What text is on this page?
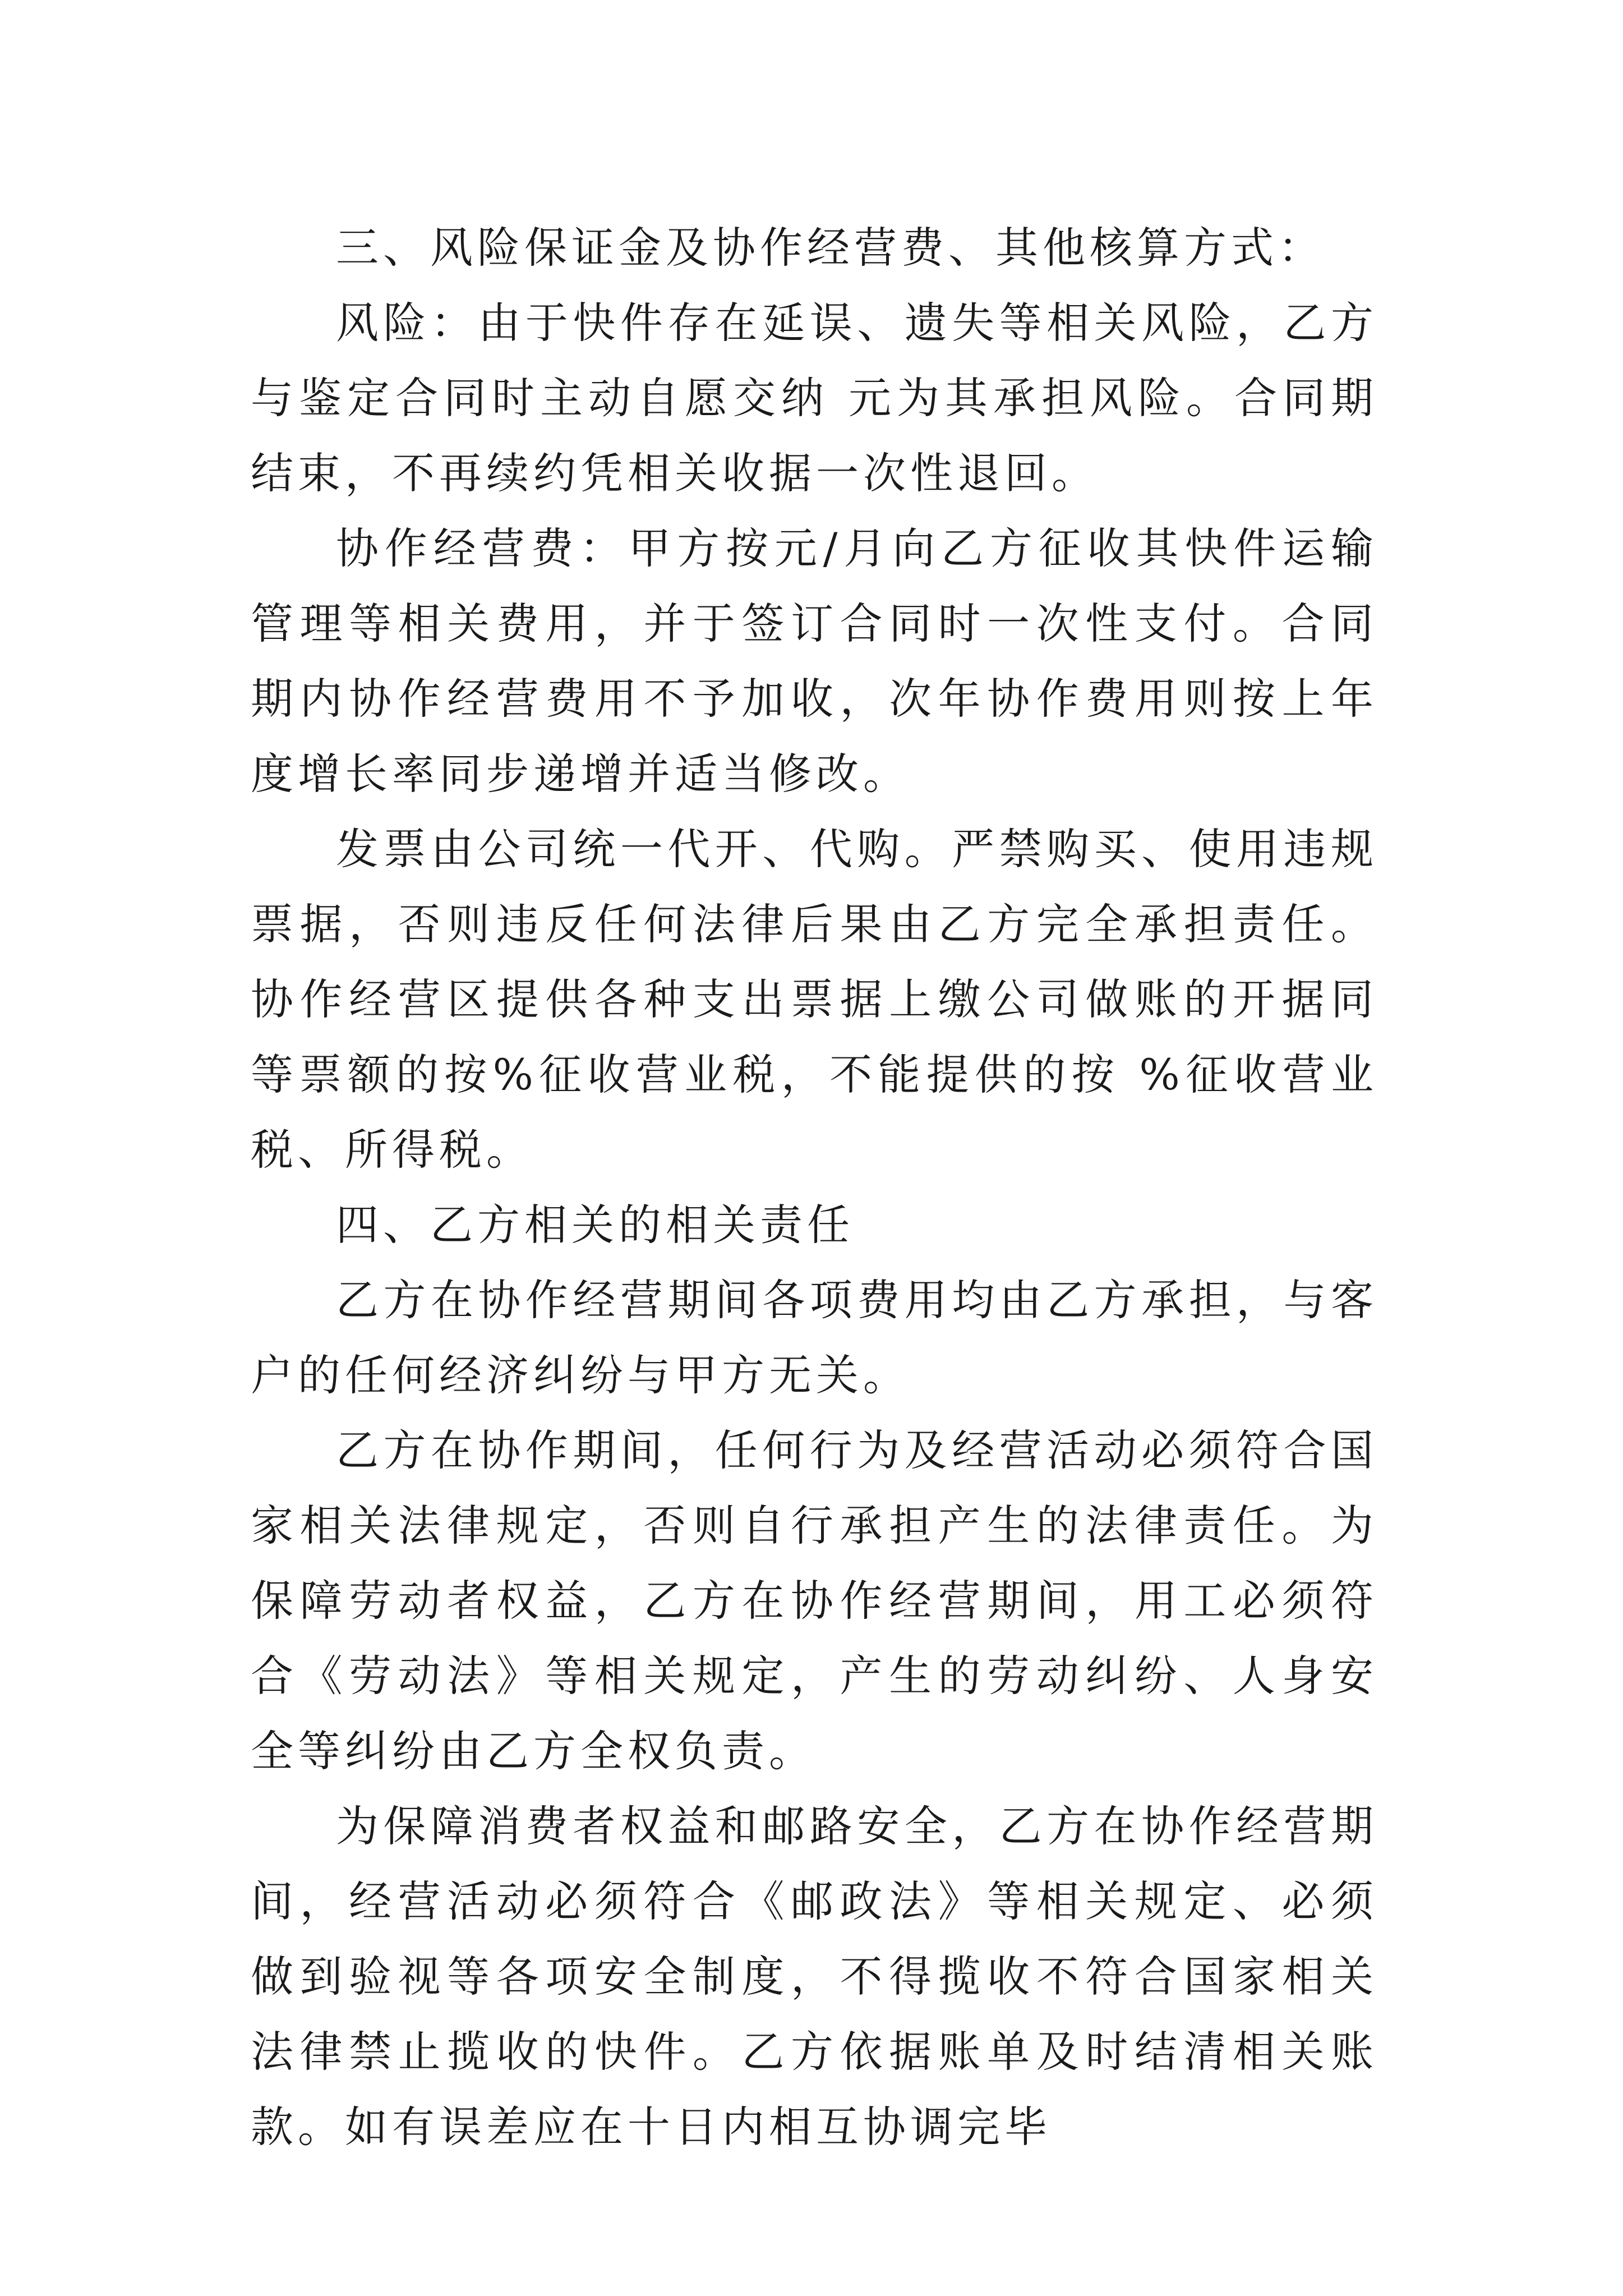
三、风险保证金及协作经营费、其他核算方式：

风险：由于快件存在延误、遗失等相关风险，乙方与鉴定合同时主动自愿交纳 元为其承担风险。合同期结束，不再续约凭相关收据一次性退回。

协作经营费：甲方按元/月向乙方征收其快件运输管理等相关费用，并于签订合同时一次性支付。合同期内协作经营费用不予加收，次年协作费用则按上年度增长率同步递增并适当修改。

发票由公司统一代开、代购。严禁购买、使用违规票据，否则违反任何法律后果由乙方完全承担责任。协作经营区提供各种支出票据上缴公司做账的开据同等票额的按%征收营业税，不能提供的按 %征收营业税、所得税。

四、乙方相关的相关责任

乙方在协作经营期间各项费用均由乙方承担，与客户的任何经济纠纷与甲方无关。

乙方在协作期间，任何行为及经营活动必须符合国家相关法律规定，否则自行承担产生的法律责任。为保障劳动者权益，乙方在协作经营期间，用工必须符合《劳动法》等相关规定，产生的劳动纠纷、人身安全等纠纷由乙方全权负责。

为保障消费者权益和邮路安全，乙方在协作经营期间，经营活动必须符合《邮政法》等相关规定、必须做到验视等各项安全制度，不得揽收不符合国家相关法律禁止揽收的快件。乙方依据账单及时结清相关账款。如有误差应在十日内相互协调完毕
